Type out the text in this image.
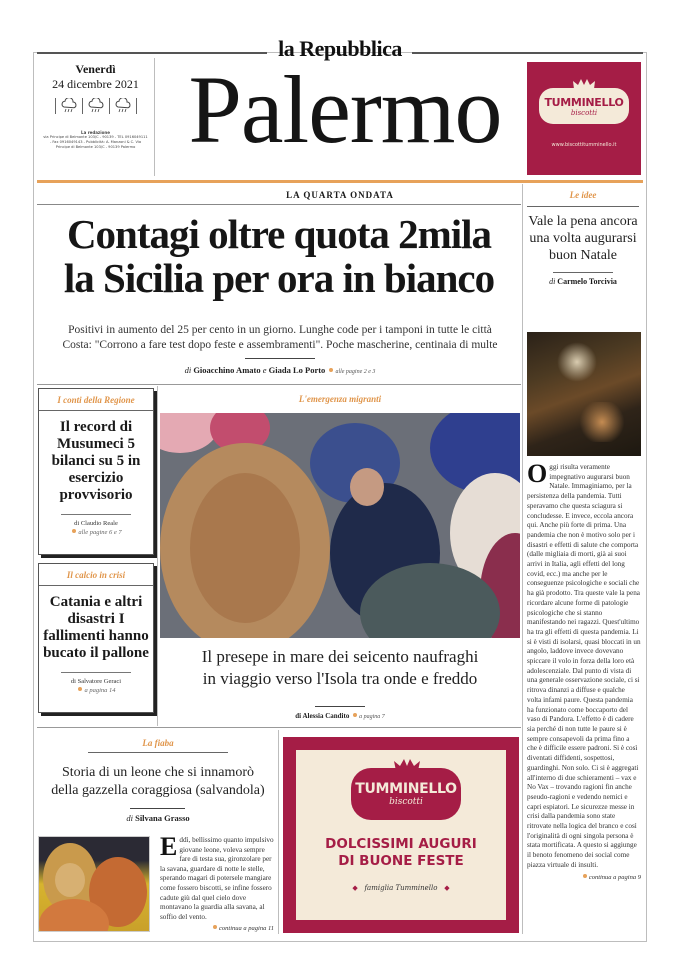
la Repubblica
Palermo
Venerdì
24 dicembre 2021
La redazione
via Principe di Belmonte 103/C - 90139 - TEL 0916049111 - Fax 0916049143 - Pubblicità: A. Manzoni & C. Via Principe di Belmonte 103/C - 90139 Palermo
TUMMINELLO
biscotti
www.biscottitumminello.it
LA QUARTA ONDATA
Contagi oltre quota 2mila
la Sicilia per ora in bianco
Positivi in aumento del 25 per cento in un giorno. Lunghe code per i tamponi in tutte le città
Costa: "Corrono a fare test dopo feste e assembramenti". Poche mascherine, centinaia di multe
di Gioacchino Amato e Giada Lo Porto alle pagine 2 e 3
Le idee
Vale la pena ancora una volta augurarsi buon Natale
di Carmelo Torcivia
Oggi risulta veramente impegnativo augurarsi buon Natale. Immaginiamo, per la persistenza della pandemia. Tutti speravamo che questa sciagura si concludesse. E invece, eccola ancora qui. Anche più forte di prima. Una pandemia che non è motivo solo per i disastri e effetti di salute che comporta (dalle migliaia di morti, già ai suoi arrivi in Italia, agli effetti del long covid, ecc.) ma anche per le conseguenze psicologiche e sociali che ha già prodotto. Tra queste vale la pena ricordare alcune forme di patologie psicologiche che si stanno manifestando nei ragazzi. Quest'ultimo ha tra gli effetti di questa pandemia. Li si è visti di isolarsi, quasi bloccati in un angolo, laddove invece dovevano spiccare il volo in forza della loro età adolescenziale. Dal punto di vista di una generale osservazione sociale, ci si ritrova dinanzi a diffuse e qualche volta infami paure. Questa pandemia ha funzionato come boccaporto del vaso di Pandora. L'effetto è di cadere sia perché di non tutte le paure si è sempre consapevoli da prima fino a che è difficile essere padroni. Si è così diventati diffidenti, sospettosi, guardinghi. Non solo. Ci si è aggregati all'interno di due schieramenti – vax e No Vax – trovando ragioni fin anche pseudo-ragioni e vedendo nemici e capri espiatori. Le sicurezze messe in crisi dalla pandemia sono state ritrovate nella logica del branco e così l'originalità di ogni singola persona è stata mortificata. A questo si aggiunge il benoto fenomeno dei social come piazza virtuale di insulti.
continua a pagina 9
I conti della Regione
Il record di Musumeci 5 bilanci su 5 in esercizio provvisorio
di Claudio Reale
alle pagine 6 e 7
Il calcio in crisi
Catania e altri disastri I fallimenti hanno bucato il pallone
di Salvatore Geraci
a pagina 14
L'emergenza migranti
Il presepe in mare dei seicento naufraghi
in viaggio verso l'Isola tra onde e freddo
di Alessia Candito a pagina 7
La fiaba
Storia di un leone che si innamorò
della gazzella coraggiosa (salvandola)
di Silvana Grasso
Eddì, bellissimo quanto impulsivo giovane leone, voleva sempre fare di testa sua, gironzolare per la savana, guardare di notte le stelle, sperando magari di potersele mangiare come fossero biscotti, se infine fossero cadute giù dal quel cielo dove montavano la guardia alla savana, al soffio del vento.
continua a pagina 11
TUMMINELLO
biscotti
DOLCISSIMI AUGURI
DI BUONE FESTE
◆ famiglia Tumminello ◆
